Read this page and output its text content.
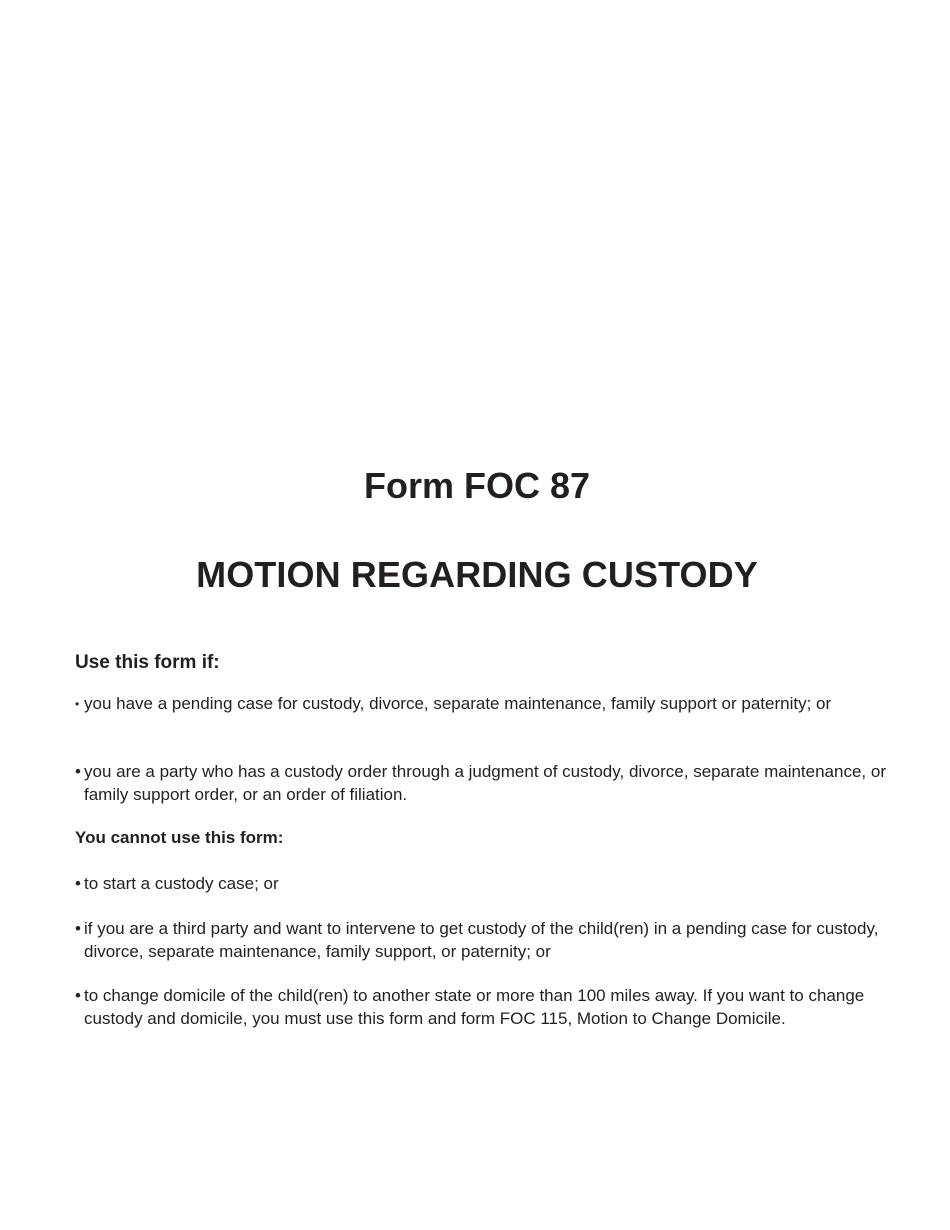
Form FOC 87
MOTION REGARDING CUSTODY
Use this form if:
• you have a pending case for custody, divorce, separate maintenance, family support or paternity; or
• you are a party who has a custody order through a judgment of custody, divorce, separate maintenance, or family support order, or an order of filiation.
You cannot use this form:
• to start a custody case; or
• if you are a third party and want to intervene to get custody of the child(ren) in a pending case for custody, divorce, separate maintenance, family support, or paternity; or
• to change domicile of the child(ren) to another state or more than 100 miles away. If you want to change custody and domicile, you must use this form and form FOC 115, Motion to Change Domicile.
